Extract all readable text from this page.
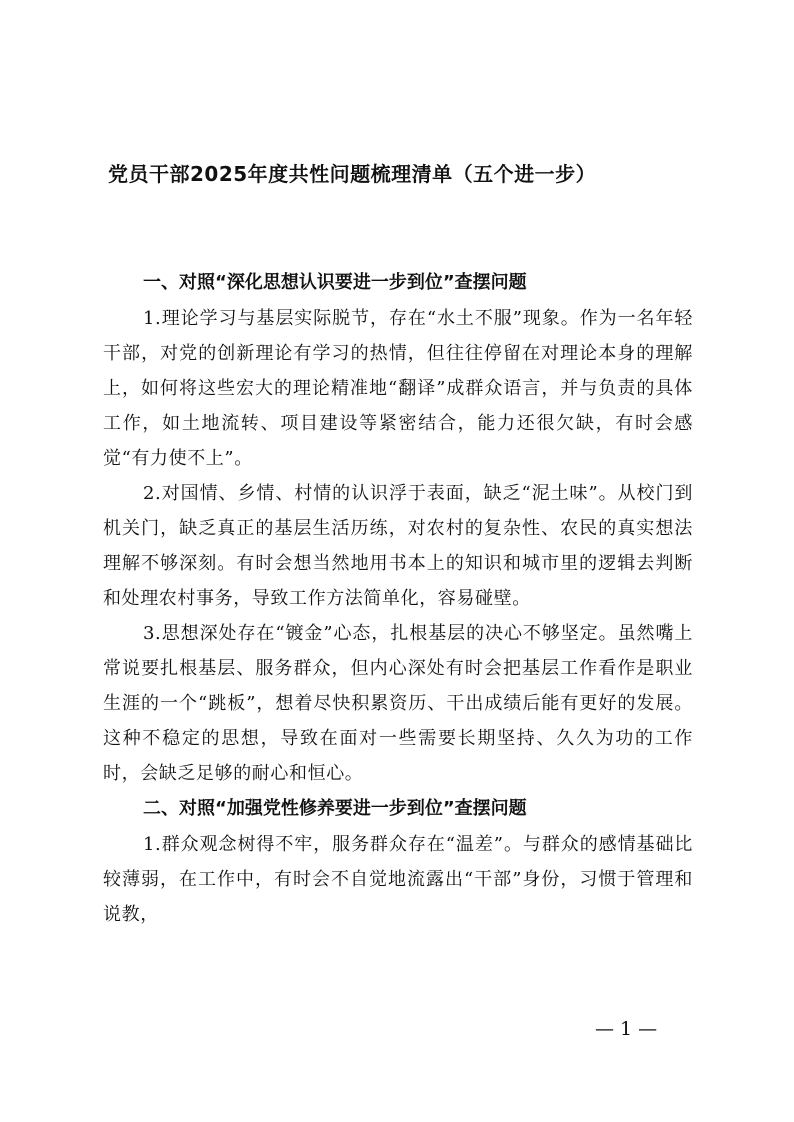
党员干部2025年度共性问题梳理清单（五个进一步）
一、对照“深化思想认识要进一步到位”查摆问题

1.理论学习与基层实际脱节，存在“水土不服”现象。作为一名年轻干部，对党的创新理论有学习的热情，但往往停留在对理论本身的理解上，如何将这些宏大的理论精准地“翻译”成群众语言，并与负责的具体工作，如土地流转、项目建设等紧密结合，能力还很欠缺，有时会感觉“有力使不上”。

2.对国情、乡情、村情的认识浮于表面，缺乏“泥土味”。从校门到机关门，缺乏真正的基层生活历练，对农村的复杂性、农民的真实想法理解不够深刻。有时会想当然地用书本上的知识和城市里的逻辑去判断和处理农村事务，导致工作方法简单化，容易碰壁。

3.思想深处存在“镀金”心态，扎根基层的决心不够坚定。虽然嘴上常说要扎根基层、服务群众，但内心深处有时会把基层工作看作是职业生涯的一个“跳板”，想着尽快积累资历、干出成绩后能有更好的发展。这种不稳定的思想，导致在面对一些需要长期坚持、久久为功的工作时，会缺乏足够的耐心和恒心。

二、对照“加强党性修养要进一步到位”查摆问题

1.群众观念树得不牢，服务群众存在“温差”。与群众的感情基础比较薄弱，在工作中，有时会不自觉地流露出“干部”身份，习惯于管理和说教，

— 1 —
